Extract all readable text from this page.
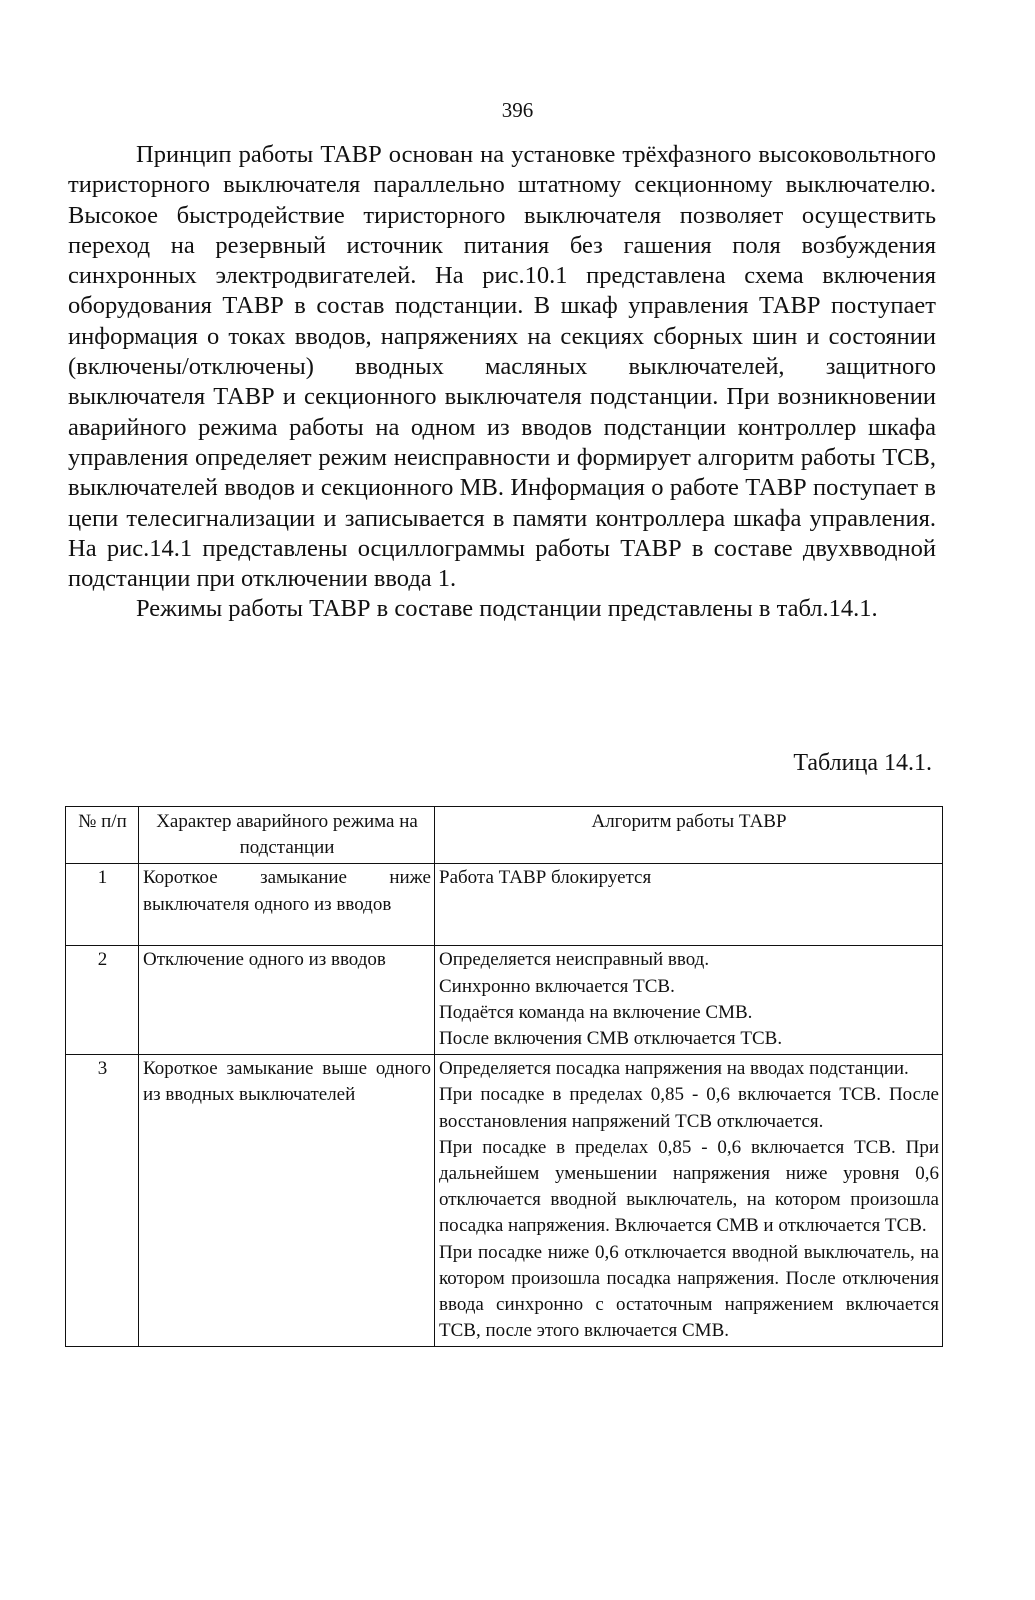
396

Принцип работы ТАВР основан на установке трёхфазного высоковольтного тиристорного выключателя параллельно штатному секционному выключателю. Высокое быстродействие тиристорного выключателя позволяет осуществить переход на резервный источник питания без гашения поля возбуждения синхронных электродвигателей. На рис.10.1 представлена схема включения оборудования ТАВР в состав подстанции. В шкаф управления ТАВР поступает информация о токах вводов, напряжениях на секциях сборных шин и состоянии (включены/отключены) вводных масляных выключателей, защитного выключателя ТАВР и секционного выключателя подстанции. При возникновении аварийного режима работы на одном из вводов подстанции контроллер шкафа управления определяет режим неисправности и формирует алгоритм работы ТСВ, выключателей вводов и секционного МВ. Информация о работе ТАВР поступает в цепи телесигнализации и записывается в памяти контроллера шкафа управления. На рис.14.1 представлены осциллограммы работы ТАВР в составе двухвводной подстанции при отключении ввода 1.

Режимы работы ТАВР в составе подстанции представлены в табл.14.1.

Таблица 14.1.
№ п/п	Характер аварийного режима на подстанции	Алгоритм работы ТАВР
1	Короткое замыкание ниже выключателя одного из вводов	Работа ТАВР блокируется

2	Отключение одного из вводов	Определяется неисправный ввод.
Синхронно включается ТСВ.
Подаётся команда на включение СМВ.
После включения СМВ отключается ТСВ.

3	Короткое замыкание выше одного из вводных выключателей	Определяется посадка напряжения на вводах подстанции.
При посадке в пределах 0,85 - 0,6 включается ТСВ. После восстановления напряжений ТСВ отключается.
При посадке в пределах 0,85 - 0,6 включается ТСВ. При дальнейшем уменьшении напряжения ниже уровня 0,6 отключается вводной выключатель, на котором произошла посадка напряжения. Включается СМВ и отключается ТСВ.
При посадке ниже 0,6 отключается вводной выключатель, на котором произошла посадка напряжения. После отключения ввода синхронно с остаточным напряжением включается ТСВ, после этого включается СМВ.
